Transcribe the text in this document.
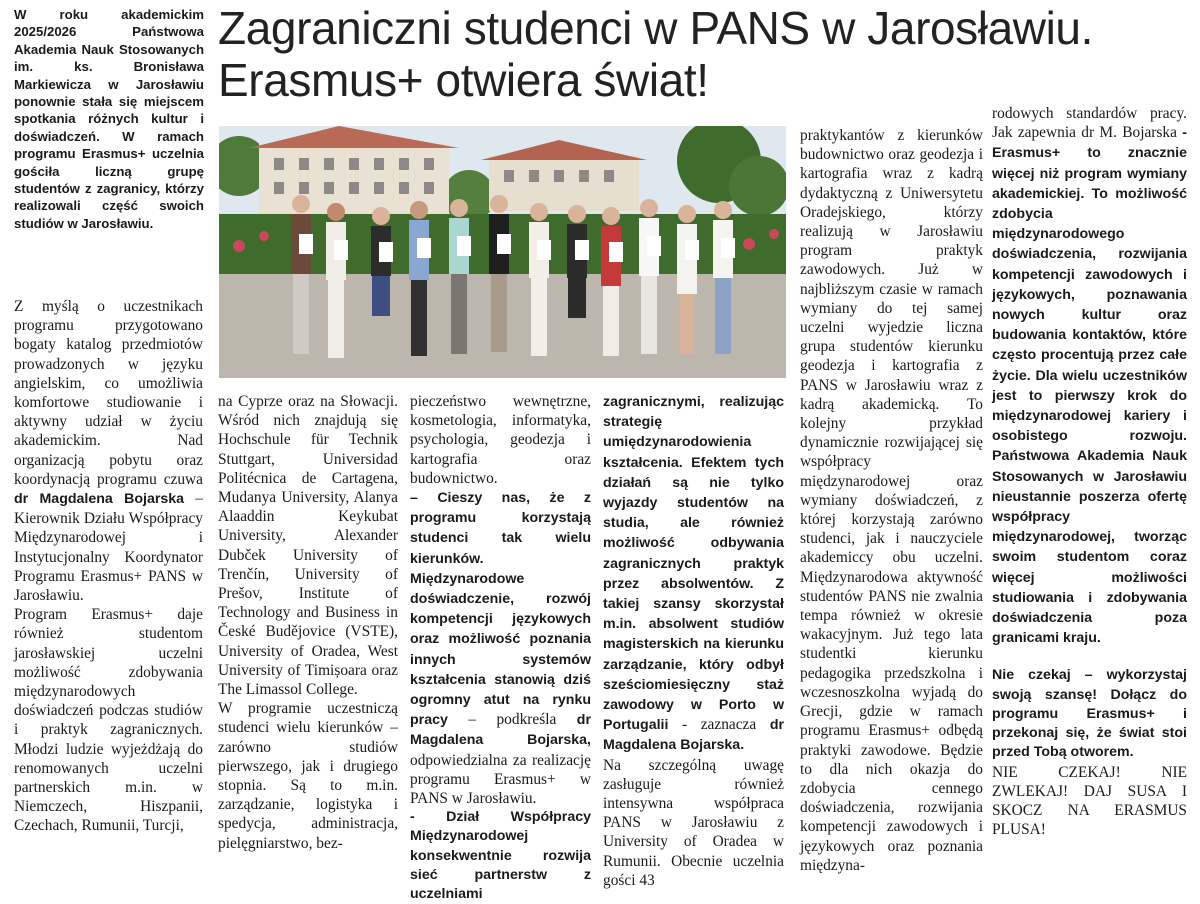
Zagraniczni studenci w PANS w Jarosławiu.
Erasmus+ otwiera świat!
W roku akademickim 2025/2026 Państwowa Akademia Nauk Stosowanych im. ks. Bronisława Markiewicza w Jarosławiu ponownie stała się miejscem spotkania różnych kultur i doświadczeń. W ramach programu Erasmus+ uczelnia gościła liczną grupę studentów z zagranicy, którzy realizowali część swoich studiów w Jarosławiu.

Z myślą o uczestnikach programu przygotowano bogaty katalog przedmiotów prowadzonych w języku angielskim, co umożliwia komfortowe studiowanie i aktywny udział w życiu akademickim. Nad organizacją pobytu oraz koordynacją programu czuwa dr Magdalena Bojarska – Kierownik Działu Współpracy Międzynarodowej i Instytucjonalny Koordynator Programu Erasmus+ PANS w Jarosławiu.

Program Erasmus+ daje również studentom jarosławskiej uczelni możliwość zdobywania międzynarodowych doświadczeń podczas studiów i praktyk zagranicznych. Młodzi ludzie wyjeżdżają do renomowanych uczelni partnerskich m.in. w Niemczech, Hiszpanii, Czechach, Rumunii, Turcji,

na Cyprze oraz na Słowacji. Wśród nich znajdują się Hochschule für Technik Stuttgart, Universidad Politécnica de Cartagena, Mudanya University, Alanya Alaaddin Keykubat University, Alexander Dubček University of Trenčín, University of Prešov, Institute of Technology and Business in České Budějovice (VSTE), University of Oradea, West University of Timișoara oraz The Limassol College.

W programie uczestniczą studenci wielu kierunków – zarówno studiów pierwszego, jak i drugiego stopnia. Są to m.in. zarządzanie, logistyka i spedycja, administracja, pielęgniarstwo, bez-

pieczeństwo wewnętrzne, kosmetologia, informatyka, psychologia, geodezja i kartografia oraz budownictwo.

– Cieszy nas, że z programu korzystają studenci tak wielu kierunków. Międzynarodowe doświadczenie, rozwój kompetencji językowych oraz możliwość poznania innych systemów kształcenia stanowią dziś ogromny atut na rynku pracy – podkreśla dr Magdalena Bojarska, odpowiedzialna za realizację programu Erasmus+ w PANS w Jarosławiu.

- Dział Współpracy Międzynarodowej konsekwentnie rozwija sieć partnerstw z uczelniami

zagranicznymi, realizując strategię umiędzynarodowienia kształcenia. Efektem tych działań są nie tylko wyjazdy studentów na studia, ale również możliwość odbywania zagranicznych praktyk przez absolwentów. Z takiej szansy skorzystał m.in. absolwent studiów magisterskich na kierunku zarządzanie, który odbył sześciomiesięczny staż zawodowy w Porto w Portugalii - zaznacza dr Magdalena Bojarska.

Na szczególną uwagę zasługuje również intensywna współpraca PANS w Jarosławiu z University of Oradea w Rumunii. Obecnie uczelnia gości 43

praktykantów z kierunków budownictwo oraz geodezja i kartografia wraz z kadrą dydaktyczną z Uniwersytetu Oradejskiego, którzy realizują w Jarosławiu program praktyk zawodowych. Już w najbliższym czasie w ramach wymiany do tej samej uczelni wyjedzie liczna grupa studentów kierunku geodezja i kartografia z PANS w Jarosławiu wraz z kadrą akademicką. To kolejny przykład dynamicznie rozwijającej się współpracy międzynarodowej oraz wymiany doświadczeń, z której korzystają zarówno studenci, jak i nauczyciele akademiccy obu uczelni. Międzynarodowa aktywność studentów PANS nie zwalnia tempa również w okresie wakacyjnym. Już tego lata studentki kierunku pedagogika przedszkolna i wczesnoszkolna wyjadą do Grecji, gdzie w ramach programu Erasmus+ odbędą praktyki zawodowe. Będzie to dla nich okazja do zdobycia cennego doświadczenia, rozwijania kompetencji zawodowych i językowych oraz poznania międzyna-

rodowych standardów pracy. Jak zapewnia dr M. Bojarska - Erasmus+ to znacznie więcej niż program wymiany akademickiej. To możliwość zdobycia międzynarodowego doświadczenia, rozwijania kompetencji zawodowych i językowych, poznawania nowych kultur oraz budowania kontaktów, które często procentują przez całe życie. Dla wielu uczestników jest to pierwszy krok do międzynarodowej kariery i osobistego rozwoju. Państwowa Akademia Nauk Stosowanych w Jarosławiu nieustannie poszerza ofertę współpracy międzynarodowej, tworząc swoim studentom coraz więcej możliwości studiowania i zdobywania doświadczenia poza granicami kraju.

Nie czekaj – wykorzystaj swoją szansę! Dołącz do programu Erasmus+ i przekonaj się, że świat stoi przed Tobą otworem.

NIE CZEKAJ! NIE ZWLEKAJ! DAJ SUSA I SKOCZ NA ERASMUS PLUSA!
